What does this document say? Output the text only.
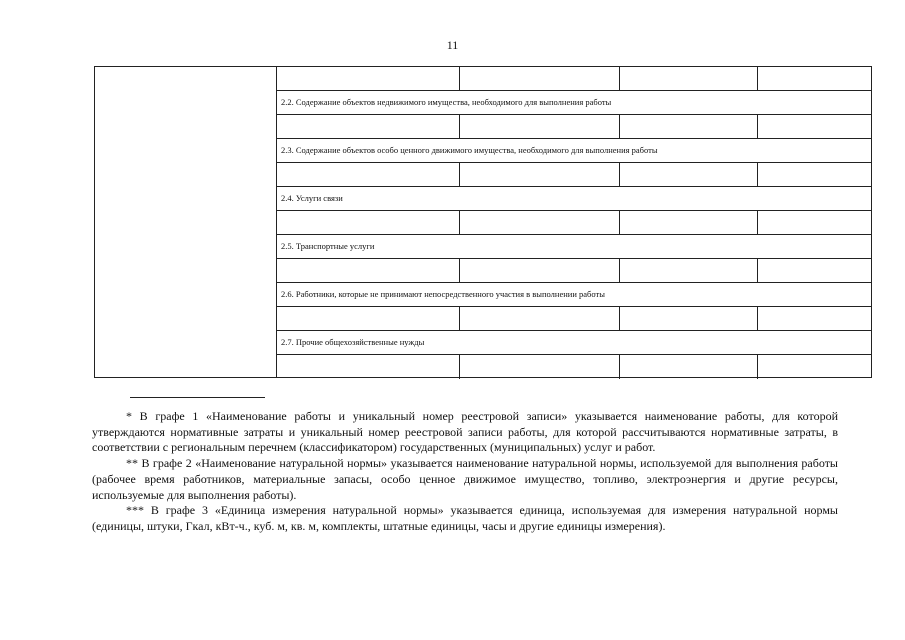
11
2.2. Содержание объектов недвижимого имущества, необходимого для выполнения работы
2.3. Содержание объектов особо ценного движимого имущества, необходимого для выполнения работы
2.4. Услуги связи
2.5. Транспортные услуги
2.6. Работники, которые не принимают непосредственного участия в выполнении работы
2.7. Прочие общехозяйственные нужды

* В графе 1 «Наименование работы и уникальный номер реестровой записи» указывается наименование работы, для которой утверждаются нормативные затраты и уникальный номер реестровой записи работы, для которой рассчитываются нормативные затраты, в соответствии с региональным перечнем (классификатором) государственных (муниципальных) услуг и работ.

** В графе 2 «Наименование натуральной нормы» указывается наименование натуральной нормы, используемой для выполнения работы (рабочее время работников, материальные запасы, особо ценное движимое имущество, топливо, электроэнергия и другие ресурсы, используемые для выполнения работы).

*** В графе 3 «Единица измерения натуральной нормы» указывается единица, используемая для измерения натуральной нормы (единицы, штуки, Гкал, кВт-ч., куб. м, кв. м, комплекты, штатные единицы, часы и другие единицы измерения).
